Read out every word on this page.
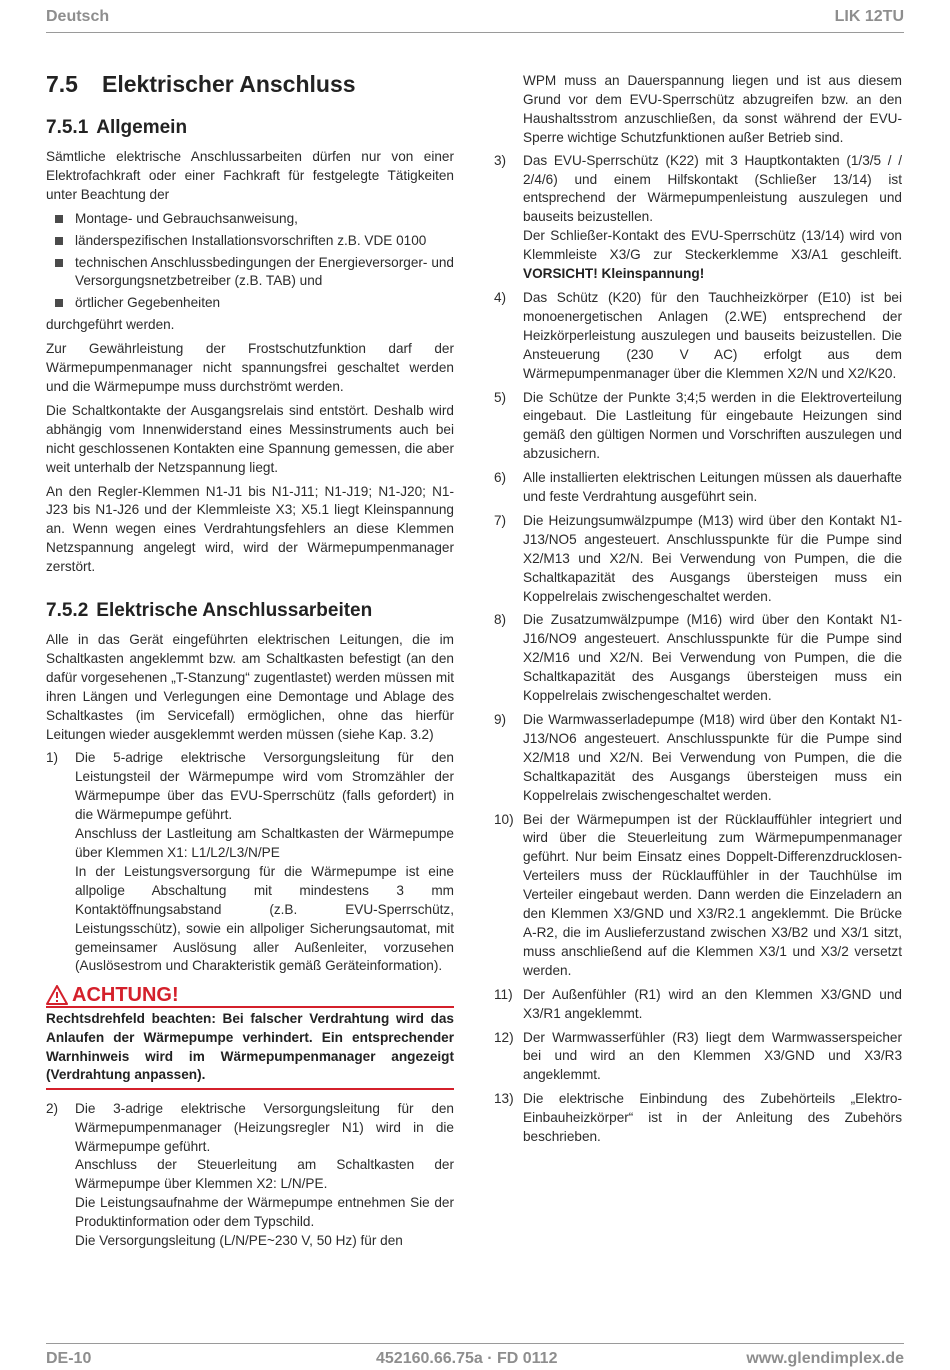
Deutsch	LIK 12TU
7.5 Elektrischer Anschluss
7.5.1 Allgemein

Sämtliche elektrische Anschlussarbeiten dürfen nur von einer Elektrofachkraft oder einer Fachkraft für festgelegte Tätigkeiten unter Beachtung der

Montage- und Gebrauchsanweisung,
länderspezifischen Installationsvorschriften z.B. VDE 0100
technischen Anschlussbedingungen der Energieversorger- und Versorgungsnetzbetreiber (z.B. TAB) und
örtlicher Gegebenheiten

durchgeführt werden.

Zur Gewährleistung der Frostschutzfunktion darf der Wärmepumpenmanager nicht spannungsfrei geschaltet werden und die Wärmepumpe muss durchströmt werden.

Die Schaltkontakte der Ausgangsrelais sind entstört. Deshalb wird abhängig vom Innenwiderstand eines Messinstruments auch bei nicht geschlossenen Kontakten eine Spannung gemessen, die aber weit unterhalb der Netzspannung liegt.

An den Regler-Klemmen N1-J1 bis N1-J11; N1-J19; N1-J20; N1-J23 bis N1-J26 und der Klemmleiste X3; X5.1 liegt Kleinspannung an. Wenn wegen eines Verdrahtungsfehlers an diese Klemmen Netzspannung angelegt wird, wird der Wärmepumpenmanager zerstört.

7.5.2 Elektrische Anschlussarbeiten

Alle in das Gerät eingeführten elektrischen Leitungen, die im Schaltkasten angeklemmt bzw. am Schaltkasten befestigt (an den dafür vorgesehenen „T-Stanzung“ zugentlastet) werden müssen mit ihren Längen und Verlegungen eine Demontage und Ablage des Schaltkastes (im Servicefall) ermöglichen, ohne das hierfür Leitungen wieder ausgeklemmt werden müssen (siehe Kap. 3.2)

1) Die 5-adrige elektrische Versorgungsleitung für den Leistungsteil der Wärmepumpe wird vom Stromzähler der Wärmepumpe über das EVU-Sperrschütz (falls gefordert) in die Wärmepumpe geführt.

Anschluss der Lastleitung am Schaltkasten der Wärmepumpe über Klemmen X1: L1/L2/L3/N/PE

In der Leistungsversorgung für die Wärmepumpe ist eine allpolige Abschaltung mit mindestens 3 mm Kontaktöffnungsabstand (z.B. EVU-Sperrschütz, Leistungsschütz), sowie ein allpoliger Sicherungsautomat, mit gemeinsamer Auslösung aller Außenleiter, vorzusehen (Auslösestrom und Charakteristik gemäß Geräteinformation).

ACHTUNG!
Rechtsdrehfeld beachten: Bei falscher Verdrahtung wird das Anlaufen der Wärmepumpe verhindert. Ein entsprechender Warnhinweis wird im Wärmepumpenmanager angezeigt (Verdrahtung anpassen).
2) Die 3-adrige elektrische Versorgungsleitung für den Wärmepumpenmanager (Heizungsregler N1) wird in die Wärmepumpe geführt.

Anschluss der Steuerleitung am Schaltkasten der Wärmepumpe über Klemmen X2: L/N/PE.

Die Leistungsaufnahme der Wärmepumpe entnehmen Sie der Produktinformation oder dem Typschild.

Die Versorgungsleitung (L/N/PE~230 V, 50 Hz) für den

WPM muss an Dauerspannung liegen und ist aus diesem Grund vor dem EVU-Sperrschütz abzugreifen bzw. an den Haushaltsstrom anzuschließen, da sonst während der EVU-Sperre wichtige Schutzfunktionen außer Betrieb sind.

3) Das EVU-Sperrschütz (K22) mit 3 Hauptkontakten (1/3/5 / / 2/4/6) und einem Hilfskontakt (Schließer 13/14) ist entsprechend der Wärmepumpenleistung auszulegen und bauseits beizustellen.

Der Schließer-Kontakt des EVU-Sperrschütz (13/14) wird von Klemmleiste X3/G zur Steckerklemme X3/A1 geschleift. VORSICHT! Kleinspannung!

4) Das Schütz (K20) für den Tauchheizkörper (E10) ist bei monoenergetischen Anlagen (2.WE) entsprechend der Heizkörperleistung auszulegen und bauseits beizustellen. Die Ansteuerung (230 V AC) erfolgt aus dem Wärmepumpenmanager über die Klemmen X2/N und X2/K20.

5) Die Schütze der Punkte 3;4;5 werden in die Elektroverteilung eingebaut. Die Lastleitung für eingebaute Heizungen sind gemäß den gültigen Normen und Vorschriften auszulegen und abzusichern.

6) Alle installierten elektrischen Leitungen müssen als dauerhafte und feste Verdrahtung ausgeführt sein.

7) Die Heizungsumwälzpumpe (M13) wird über den Kontakt N1-J13/NO5 angesteuert. Anschlusspunkte für die Pumpe sind X2/M13 und X2/N. Bei Verwendung von Pumpen, die die Schaltkapazität des Ausgangs übersteigen muss ein Koppelrelais zwischengeschaltet werden.

8) Die Zusatzumwälzpumpe (M16) wird über den Kontakt N1-J16/NO9 angesteuert. Anschlusspunkte für die Pumpe sind X2/M16 und X2/N. Bei Verwendung von Pumpen, die die Schaltkapazität des Ausgangs übersteigen muss ein Koppelrelais zwischengeschaltet werden.

9) Die Warmwasserladepumpe (M18) wird über den Kontakt N1-J13/NO6 angesteuert. Anschlusspunkte für die Pumpe sind X2/M18 und X2/N. Bei Verwendung von Pumpen, die die Schaltkapazität des Ausgangs übersteigen muss ein Koppelrelais zwischengeschaltet werden.

10) Bei der Wärmepumpen ist der Rücklauffühler integriert und wird über die Steuerleitung zum Wärmepumpenmanager geführt. Nur beim Einsatz eines Doppelt-Differenzdrucklosen-Verteilers muss der Rücklauffühler in der Tauchhülse im Verteiler eingebaut werden. Dann werden die Einzeladern an den Klemmen X3/GND und X3/R2.1 angeklemmt. Die Brücke A-R2, die im Auslieferzustand zwischen X3/B2 und X3/1 sitzt, muss anschließend auf die Klemmen X3/1 und X3/2 versetzt werden.

11) Der Außenfühler (R1) wird an den Klemmen X3/GND und X3/R1 angeklemmt.

12) Der Warmwasserfühler (R3) liegt dem Warmwasserspeicher bei und wird an den Klemmen X3/GND und X3/R3 angeklemmt.

13) Die elektrische Einbindung des Zubehörteils „Elektro-Einbauheizkörper“ ist in der Anleitung des Zubehörs beschrieben.

DE-10	452160.66.75a · FD 0112	www.glendimplex.de
